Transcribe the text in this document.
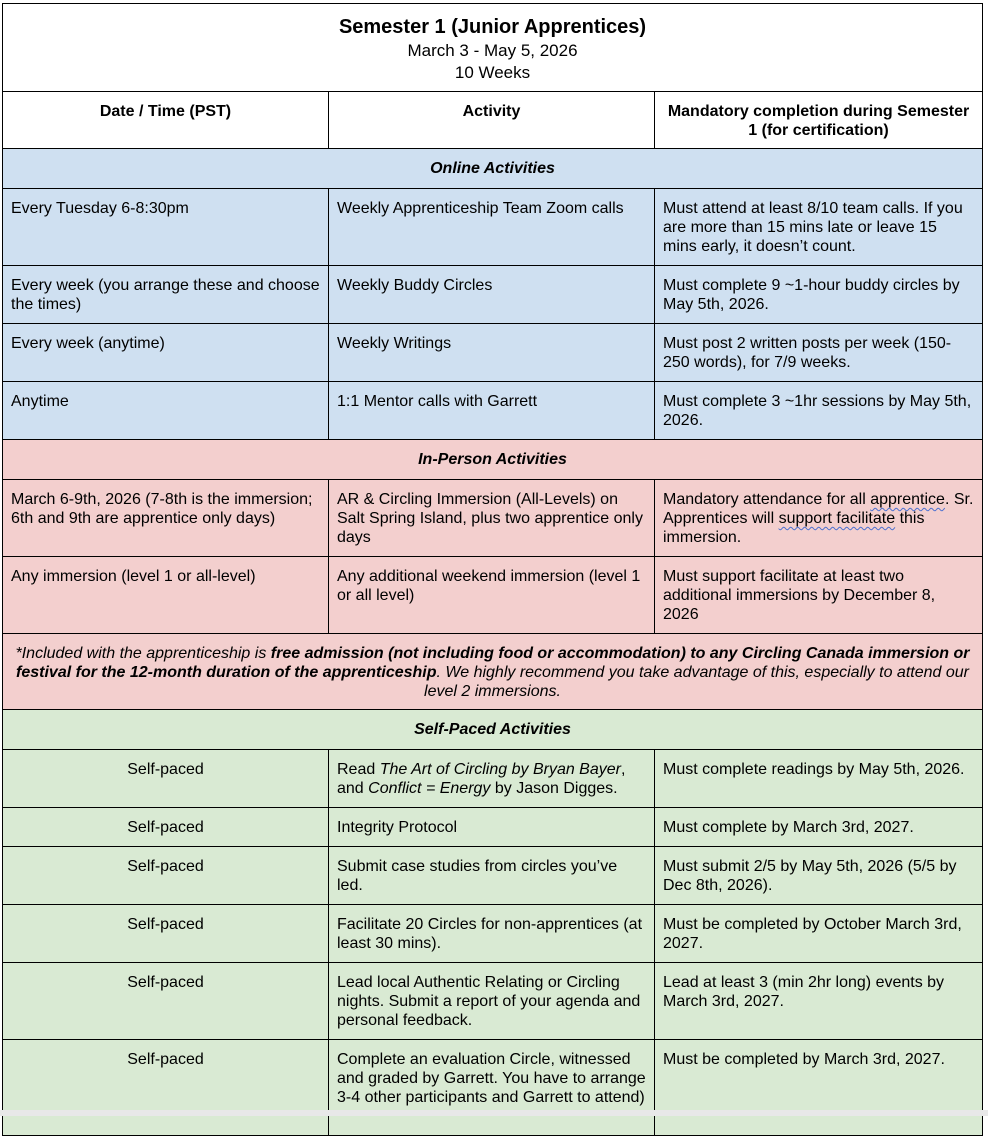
Semester 1 (Junior Apprentices)
March 3 - May 5, 2026
10 Weeks		

Date / Time (PST)	Activity	Mandatory completion during Semester 1 (for certification)
Online Activities		
Every Tuesday 6-8:30pm	Weekly Apprenticeship Team Zoom calls	Must attend at least 8/10 team calls. If you are more than 15 mins late or leave 15 mins early, it doesn’t count.
Every week (you arrange these and choose the times)	Weekly Buddy Circles	Must complete 9 ~1-hour buddy circles by May 5th, 2026.
Every week (anytime)	Weekly Writings	Must post 2 written posts per week (150-250 words), for 7/9 weeks.
Anytime	1:1 Mentor calls with Garrett	Must complete 3 ~1hr sessions by May 5th, 2026.
In-Person Activities		
March 6-9th, 2026 (7-8th is the immersion; 6th and 9th are apprentice only days)	AR & Circling Immersion (All-Levels) on Salt Spring Island, plus two apprentice only days	Mandatory attendance for all apprentice. Sr. Apprentices will support facilitate this immersion.
Any immersion (level 1 or all-level)	Any additional weekend immersion (level 1 or all level)	Must support facilitate at least two additional immersions by December 8, 2026
*Included with the apprenticeship is free admission (not including food or accommodation) to any Circling Canada immersion or festival for the 12-month duration of the apprenticeship. We highly recommend you take advantage of this, especially to attend our level 2 immersions.		
Self-Paced Activities		
Self-paced	Read The Art of Circling by Bryan Bayer, and Conflict = Energy by Jason Digges.	Must complete readings by May 5th, 2026.
Self-paced	Integrity Protocol	Must complete by March 3rd, 2027.
Self-paced	Submit case studies from circles you’ve led.	Must submit 2/5 by May 5th, 2026 (5/5 by Dec 8th, 2026).
Self-paced	Facilitate 20 Circles for non-apprentices (at least 30 mins).	Must be completed by October March 3rd, 2027.
Self-paced	Lead local Authentic Relating or Circling nights. Submit a report of your agenda and personal feedback.	Lead at least 3 (min 2hr long) events by March 3rd, 2027.
Self-paced	Complete an evaluation Circle, witnessed and graded by Garrett. You have to arrange 3-4 other participants and Garrett to attend)	Must be completed by March 3rd, 2027.
